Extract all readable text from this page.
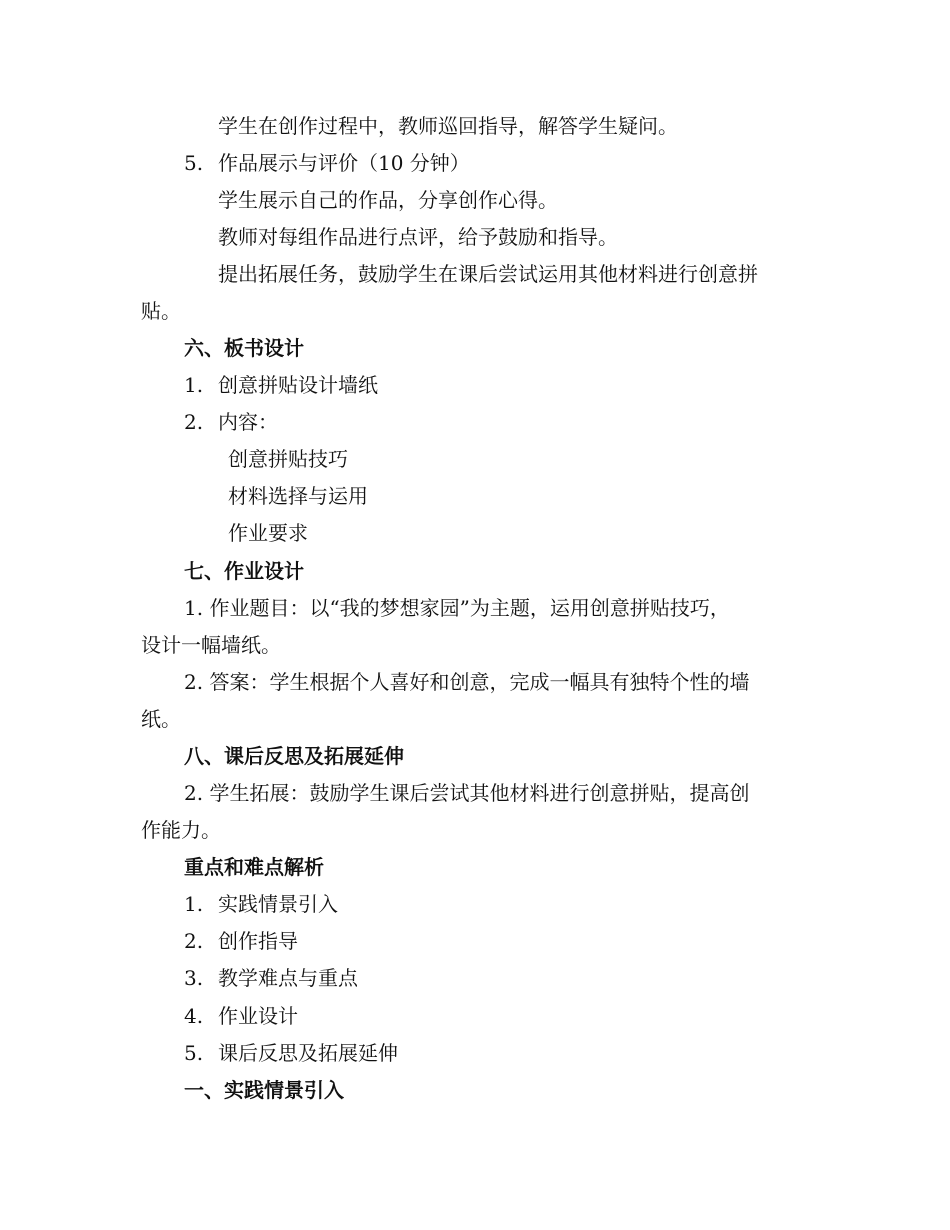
学生在创作过程中，教师巡回指导，解答学生疑问。
5. 作品展示与评价（10 分钟）
学生展示自己的作品，分享创作心得。
教师对每组作品进行点评，给予鼓励和指导。
提出拓展任务，鼓励学生在课后尝试运用其他材料进行创意拼
贴。
六、板书设计
1. 创意拼贴设计墙纸
2. 内容：
创意拼贴技巧
材料选择与运用
作业要求
七、作业设计
1. 作业题目：以“我的梦想家园”为主题，运用创意拼贴技巧，
设计一幅墙纸。
2. 答案：学生根据个人喜好和创意，完成一幅具有独特个性的墙
纸。
八、课后反思及拓展延伸
2. 学生拓展：鼓励学生课后尝试其他材料进行创意拼贴，提高创
作能力。
重点和难点解析
1. 实践情景引入
2. 创作指导
3. 教学难点与重点
4. 作业设计
5. 课后反思及拓展延伸
一、实践情景引入
